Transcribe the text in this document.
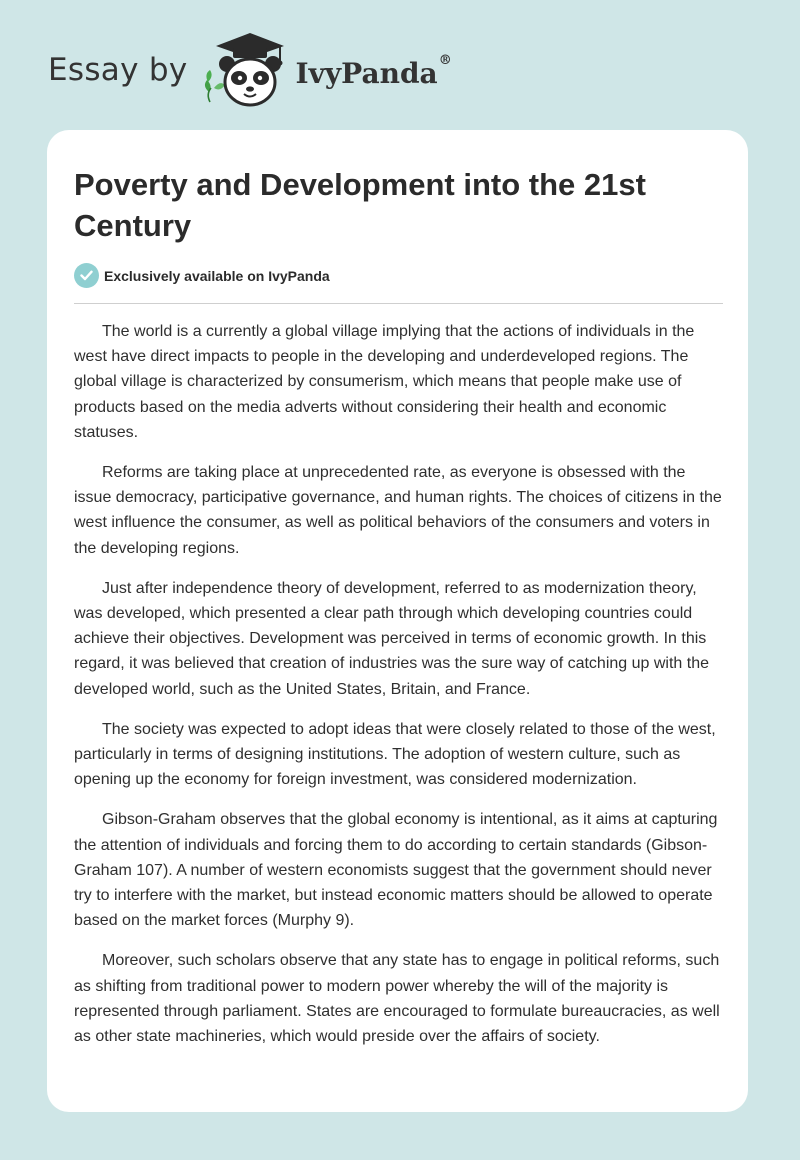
Essay by	IvyPanda®
Poverty and Development into the 21st Century
Exclusively available on IvyPanda

The world is a currently a global village implying that the actions of individuals in the west have direct impacts to people in the developing and underdeveloped regions. The global village is characterized by consumerism, which means that people make use of products based on the media adverts without considering their health and economic statuses.

Reforms are taking place at unprecedented rate, as everyone is obsessed with the issue democracy, participative governance, and human rights. The choices of citizens in the west influence the consumer, as well as political behaviors of the consumers and voters in the developing regions.

Just after independence theory of development, referred to as modernization theory, was developed, which presented a clear path through which developing countries could achieve their objectives. Development was perceived in terms of economic growth. In this regard, it was believed that creation of industries was the sure way of catching up with the developed world, such as the United States, Britain, and France.

The society was expected to adopt ideas that were closely related to those of the west, particularly in terms of designing institutions. The adoption of western culture, such as opening up the economy for foreign investment, was considered modernization.

Gibson-Graham observes that the global economy is intentional, as it aims at capturing the attention of individuals and forcing them to do according to certain standards (Gibson-Graham 107). A number of western economists suggest that the government should never try to interfere with the market, but instead economic matters should be allowed to operate based on the market forces (Murphy 9).

Moreover, such scholars observe that any state has to engage in political reforms, such as shifting from traditional power to modern power whereby the will of the majority is represented through parliament. States are encouraged to formulate bureaucracies, as well as other state machineries, which would preside over the affairs of society.
